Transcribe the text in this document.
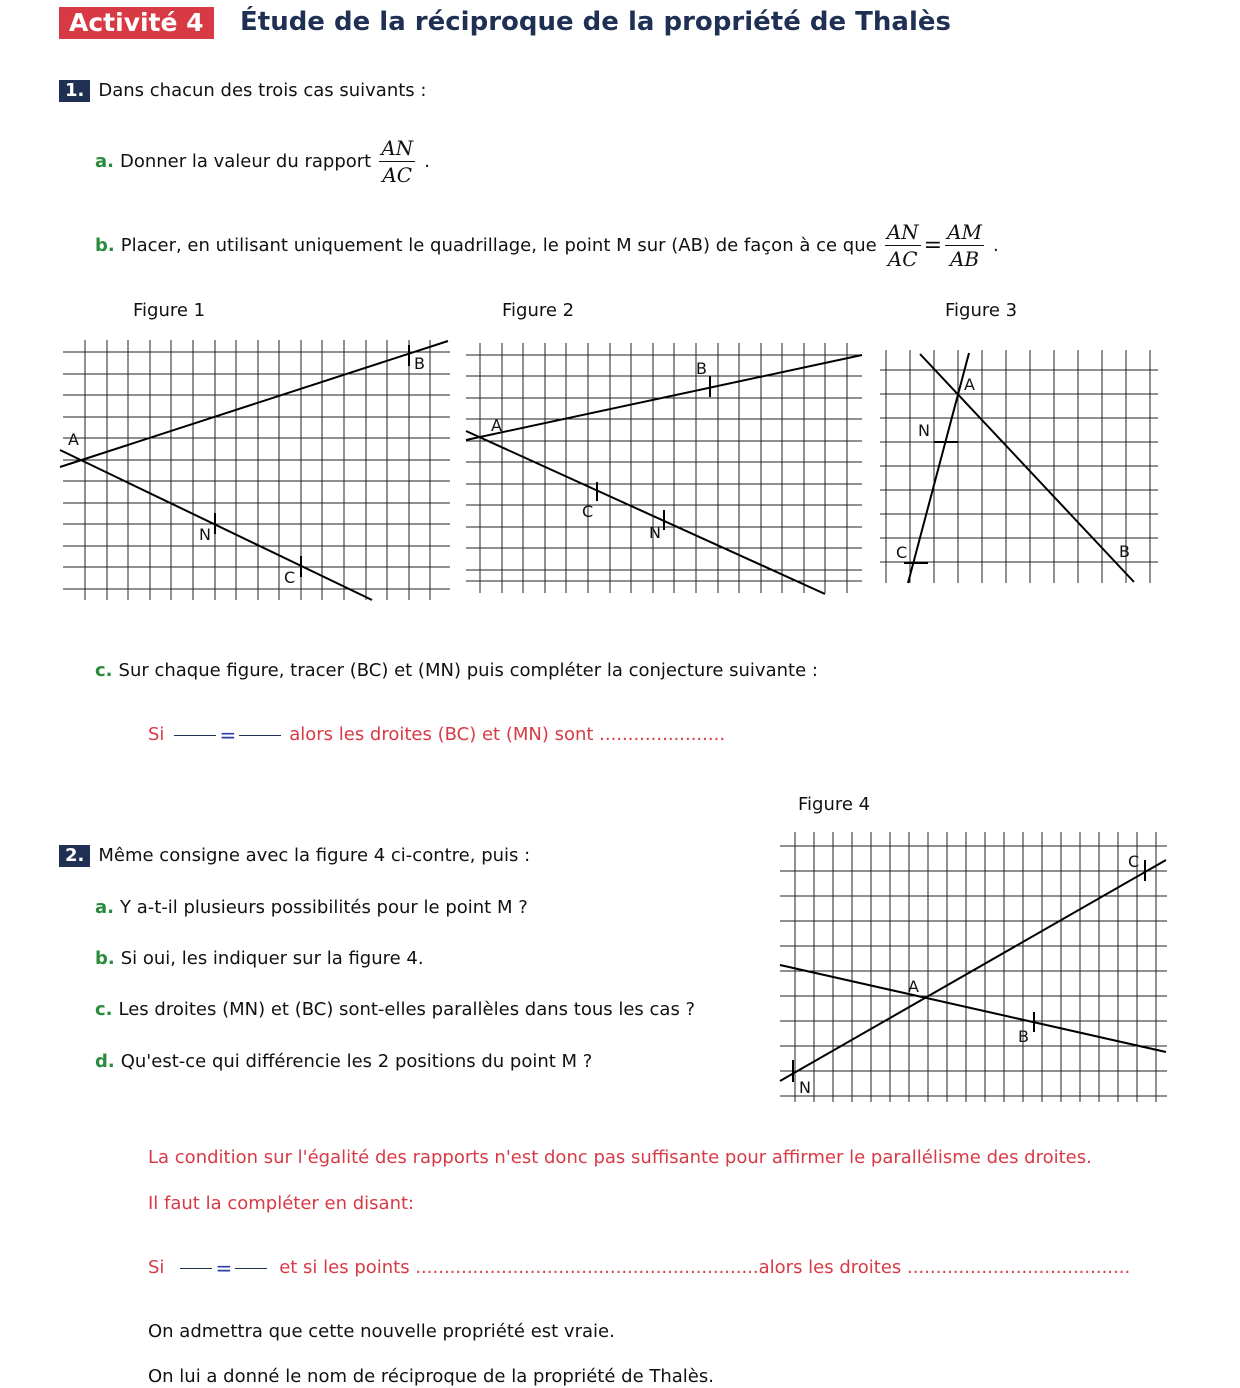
Activité 4	Étude de la réciproque de la propriété de Thalès
1. Dans chacun des trois cas suivants :
a. Donner la valeur du rapport $\frac{AN}{AC}$ .
b. Placer, en utilisant uniquement le quadrillage, le point M sur (AB) de façon à ce que $\frac{AN}{AC} = \frac{AM}{AB}$ .
Figure 1	Figure 2	Figure 3
A
B
N
C
A
B
C
N
A
N
C	B
A
B
C
N
c. Sur chaque figure, tracer (BC) et (MN) puis compléter la conjecture suivante :
Si	=	alors les droites (BC) et (MN) sont ......................
Figure 4
2. Même consigne avec la figure 4 ci-contre, puis :
a. Y a-t-il plusieurs possibilités pour le point M ?
b. Si oui, les indiquer sur la figure 4.
c. Les droites (MN) et (BC) sont-elles parallèles dans tous les cas ?
d. Qu'est-ce qui différencie les 2 positions du point M ?
La condition sur l'égalité des rapports n'est donc pas suffisante pour affirmer le parallélisme des droites.
Il faut la compléter en disant:
Si	=	et si les points ............................................................alors les droites .......................................
On admettra que cette nouvelle propriété est vraie.
On lui a donné le nom de réciproque de la propriété de Thalès.
